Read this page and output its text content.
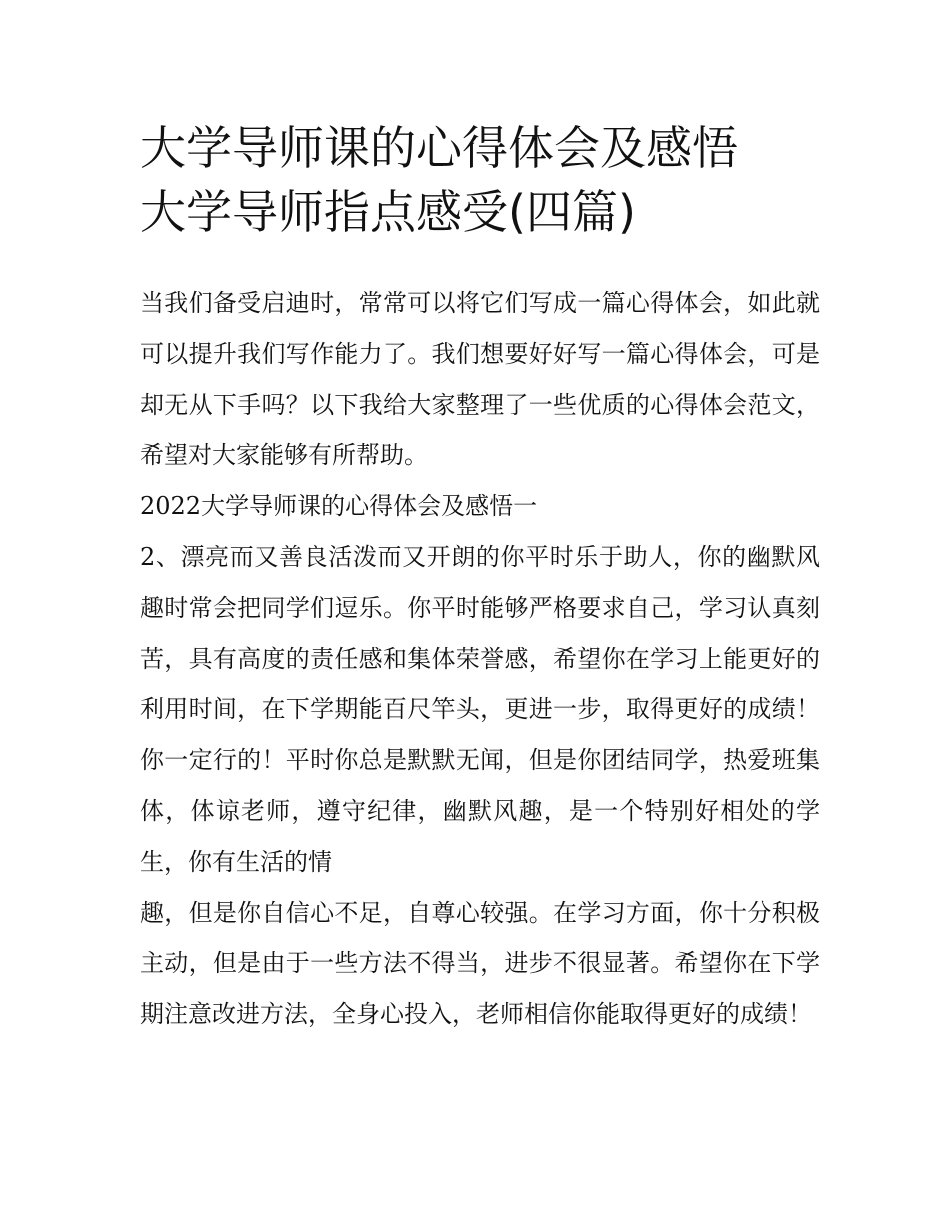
大学导师课的心得体会及感悟
大学导师指点感受(四篇)

当我们备受启迪时，常常可以将它们写成一篇心得体会，如此就可以提升我们写作能力了。我们想要好好写一篇心得体会，可是却无从下手吗？以下我给大家整理了一些优质的心得体会范文，希望对大家能够有所帮助。

2022大学导师课的心得体会及感悟一

2、漂亮而又善良活泼而又开朗的你平时乐于助人，你的幽默风趣时常会把同学们逗乐。你平时能够严格要求自己，学习认真刻苦，具有高度的责任感和集体荣誉感，希望你在学习上能更好的利用时间，在下学期能百尺竿头，更进一步，取得更好的成绩！你一定行的！平时你总是默默无闻，但是你团结同学，热爱班集体，体谅老师，遵守纪律，幽默风趣，是一个特别好相处的学生，你有生活的情

趣，但是你自信心不足，自尊心较强。在学习方面，你十分积极主动，但是由于一些方法不得当，进步不很显著。希望你在下学期注意改进方法，全身心投入，老师相信你能取得更好的成绩！
